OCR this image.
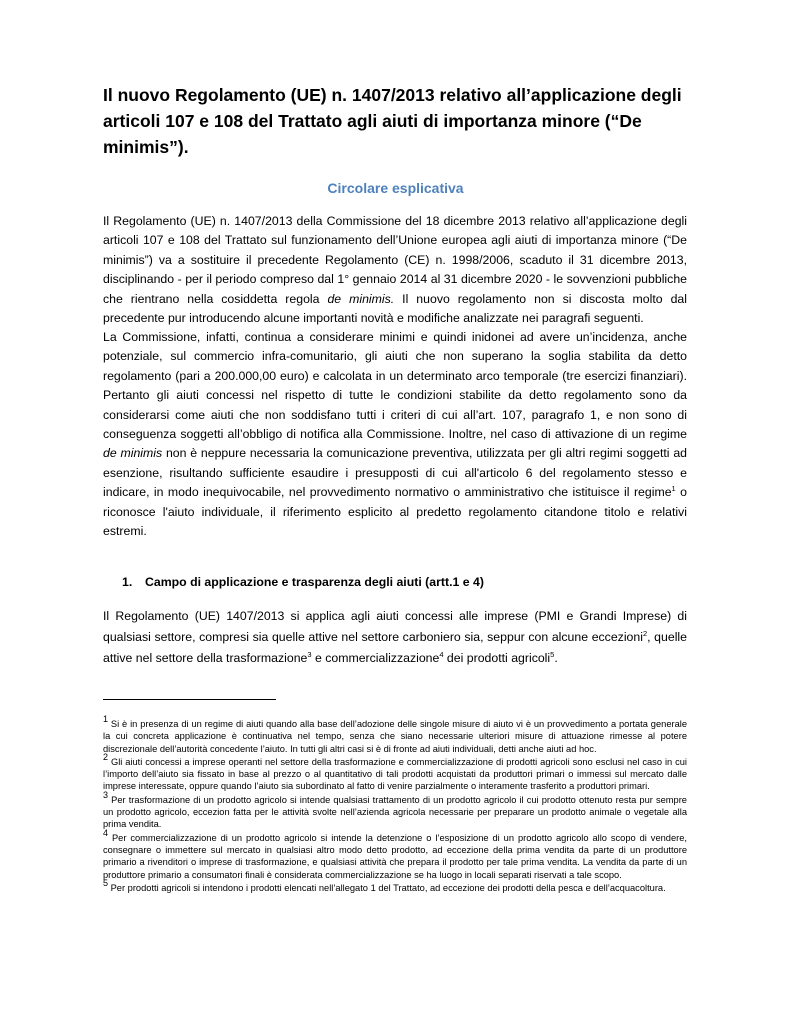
Il nuovo Regolamento (UE) n. 1407/2013 relativo all’applicazione degli articoli 107 e 108 del Trattato agli aiuti di importanza minore (“De minimis”).
Circolare esplicativa

Il Regolamento (UE) n. 1407/2013 della Commissione del 18 dicembre 2013 relativo all’applicazione degli articoli 107 e 108 del Trattato sul funzionamento dell’Unione europea agli aiuti di importanza minore (“De minimis”) va a sostituire il precedente Regolamento (CE) n. 1998/2006, scaduto il 31 dicembre 2013, disciplinando - per il periodo compreso dal 1° gennaio 2014 al 31 dicembre 2020 - le sovvenzioni pubbliche che rientrano nella cosiddetta regola de minimis. Il nuovo regolamento non si discosta molto dal precedente pur introducendo alcune importanti novità e modifiche analizzate nei paragrafi seguenti.

La Commissione, infatti, continua a considerare minimi e quindi inidonei ad avere un’incidenza, anche potenziale, sul commercio infra-comunitario, gli aiuti che non superano la soglia stabilita da detto regolamento (pari a 200.000,00 euro) e calcolata in un determinato arco temporale (tre esercizi finanziari). Pertanto gli aiuti concessi nel rispetto di tutte le condizioni stabilite da detto regolamento sono da considerarsi come aiuti che non soddisfano tutti i criteri di cui all’art. 107, paragrafo 1, e non sono di conseguenza soggetti all’obbligo di notifica alla Commissione. Inoltre, nel caso di attivazione di un regime de minimis non è neppure necessaria la comunicazione preventiva, utilizzata per gli altri regimi soggetti ad esenzione, risultando sufficiente esaudire i presupposti di cui all'articolo 6 del regolamento stesso e indicare, in modo inequivocabile, nel provvedimento normativo o amministrativo che istituisce il regime$^1$ o riconosce l'aiuto individuale, il riferimento esplicito al predetto regolamento citandone titolo e relativi estremi.

1. Campo di applicazione e trasparenza degli aiuti (artt.1 e 4)

Il Regolamento (UE) 1407/2013 si applica agli aiuti concessi alle imprese (PMI e Grandi Imprese) di qualsiasi settore, compresi sia quelle attive nel settore carboniero sia, seppur con alcune eccezioni$^2$, quelle attive nel settore della trasformazione$^3$ e commercializzazione$^4$ dei prodotti agricoli$^5$.

$^1$ Si è in presenza di un regime di aiuti quando alla base dell’adozione delle singole misure di aiuto vi è un provvedimento a portata generale la cui concreta applicazione è continuativa nel tempo, senza che siano necessarie ulteriori misure di attuazione rimesse al potere discrezionale dell’autorità concedente l’aiuto. In tutti gli altri casi si è di fronte ad aiuti individuali, detti anche aiuti ad hoc.

$^2$ Gli aiuti concessi a imprese operanti nel settore della trasformazione e commercializzazione di prodotti agricoli sono esclusi nel caso in cui l’importo dell’aiuto sia fissato in base al prezzo o al quantitativo di tali prodotti acquistati da produttori primari o immessi sul mercato dalle imprese interessate, oppure quando l’aiuto sia subordinato al fatto di venire parzialmente o interamente trasferito a produttori primari.

$^3$ Per trasformazione di un prodotto agricolo si intende qualsiasi trattamento di un prodotto agricolo il cui prodotto ottenuto resta pur sempre un prodotto agricolo, eccezion fatta per le attività svolte nell’azienda agricola necessarie per preparare un prodotto animale o vegetale alla prima vendita.

$^4$ Per commercializzazione di un prodotto agricolo si intende la detenzione o l’esposizione di un prodotto agricolo allo scopo di vendere, consegnare o immettere sul mercato in qualsiasi altro modo detto prodotto, ad eccezione della prima vendita da parte di un produttore primario a rivenditori o imprese di trasformazione, e qualsiasi attività che prepara il prodotto per tale prima vendita. La vendita da parte di un produttore primario a consumatori finali è considerata commercializzazione se ha luogo in locali separati riservati a tale scopo.

$^5$ Per prodotti agricoli si intendono i prodotti elencati nell’allegato 1 del Trattato, ad eccezione dei prodotti della pesca e dell’acquacoltura.
